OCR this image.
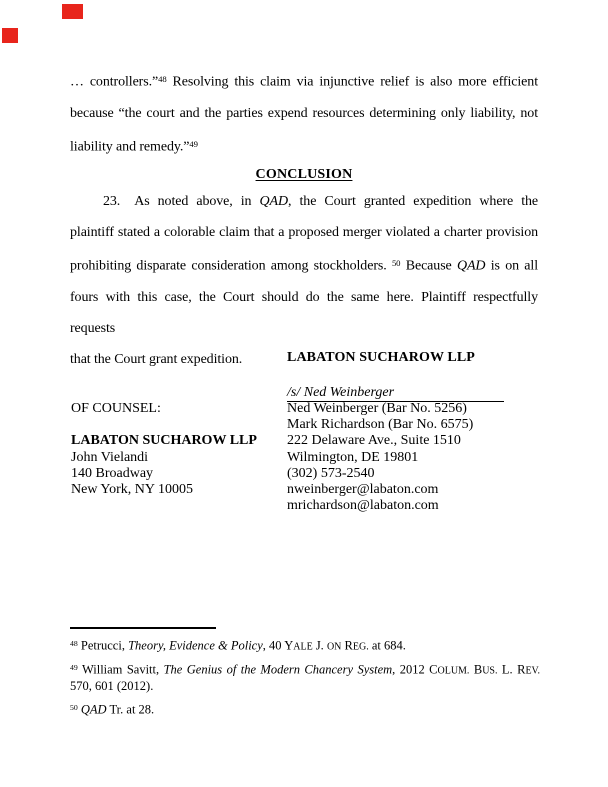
… controllers.”$^{48}$ Resolving this claim via injunctive relief is also more efficient
because “the court and the parties expend resources determining only liability, not
liability and remedy.”$^{49}$
CONCLUSION
23. As noted above, in QAD, the Court granted expedition where the
plaintiff stated a colorable claim that a proposed merger violated a charter provision
prohibiting disparate consideration among stockholders. $^{50}$ Because QAD is on all
fours with this case, the Court should do the same here. Plaintiff respectfully requests
that the Court grant expedition.	LABATON SUCHAROW LLP
/s/ Ned Weinberger
OF COUNSEL:
LABATON SUCHAROW LLP
John Vielandi
140 Broadway
New York, NY 10005
Ned Weinberger (Bar No. 5256)
Mark Richardson (Bar No. 6575)
222 Delaware Ave., Suite 1510
Wilmington, DE 19801
(302) 573-2540
nweinberger@labaton.com
mrichardson@labaton.com
$^{48}$ Petrucci, Theory, Evidence & Policy, 40 YALE J. ON REG. at 684.
$^{49}$ William Savitt, The Genius of the Modern Chancery System, 2012 COLUM. BUS. L. REV.
570, 601 (2012).
$^{50}$ QAD Tr. at 28.
